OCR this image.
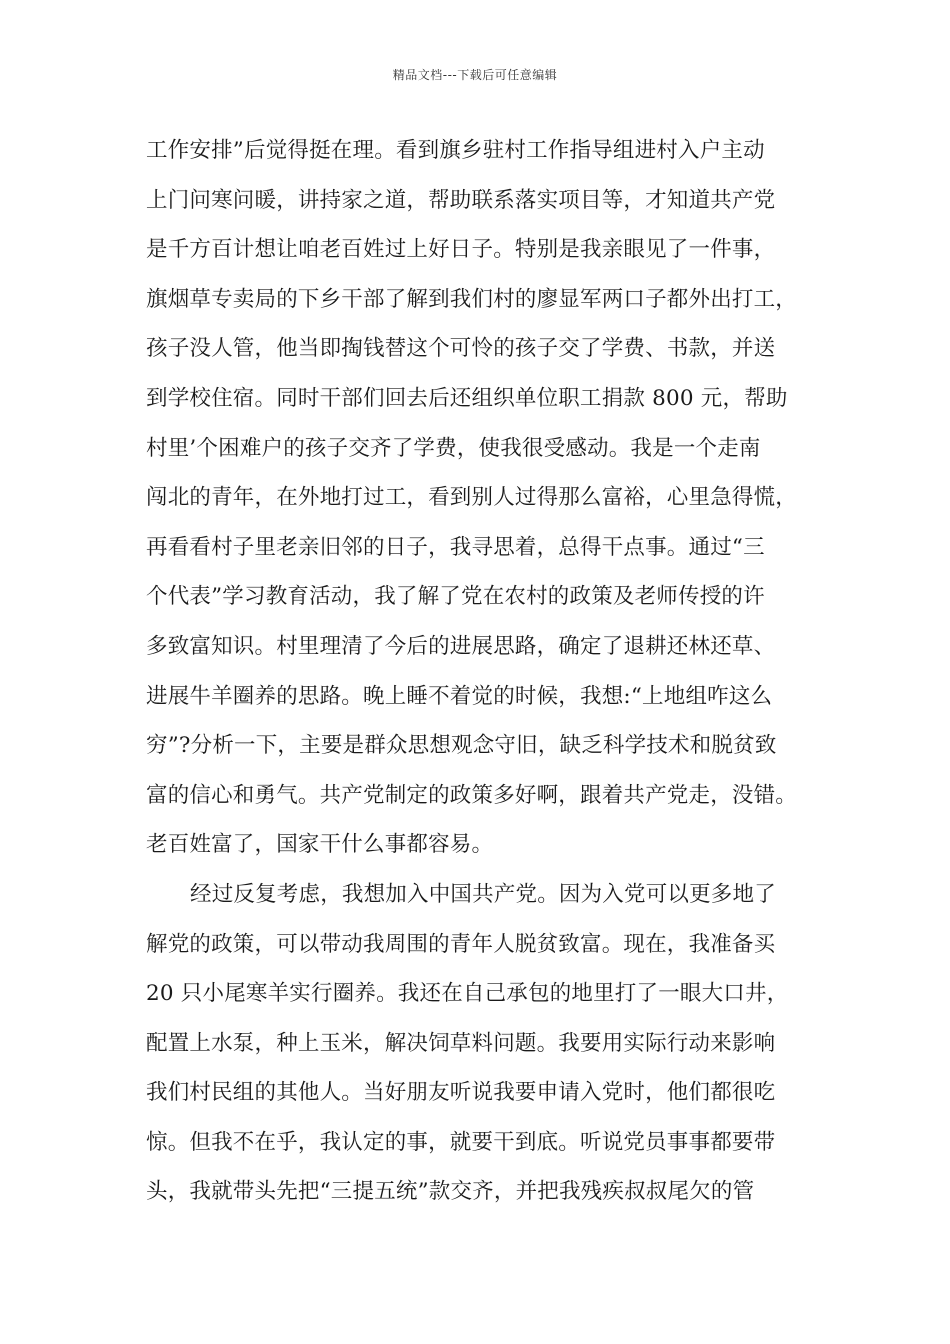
精品文档---下载后可任意编辑
工作安排”后觉得挺在理。看到旗乡驻村工作指导组进村入户主动
上门问寒问暖，讲持家之道，帮助联系落实项目等，才知道共产党
是千方百计想让咱老百姓过上好日子。特别是我亲眼见了一件事，
旗烟草专卖局的下乡干部了解到我们村的廖显军两口子都外出打工，
孩子没人管，他当即掏钱替这个可怜的孩子交了学费、书款，并送
到学校住宿。同时干部们回去后还组织单位职工捐款 800 元，帮助
村里’个困难户的孩子交齐了学费，使我很受感动。我是一个走南
闯北的青年，在外地打过工，看到别人过得那么富裕，心里急得慌，
再看看村子里老亲旧邻的日子，我寻思着，总得干点事。通过“三
个代表”学习教育活动，我了解了党在农村的政策及老师传授的许
多致富知识。村里理清了今后的进展思路，确定了退耕还林还草、
进展牛羊圈养的思路。晚上睡不着觉的时候，我想:“上地组咋这么
穷”?分析一下，主要是群众思想观念守旧，缺乏科学技术和脱贫致
富的信心和勇气。共产党制定的政策多好啊，跟着共产党走，没错。
老百姓富了，国家干什么事都容易。
经过反复考虑，我想加入中国共产党。因为入党可以更多地了
解党的政策，可以带动我周围的青年人脱贫致富。现在，我准备买
20 只小尾寒羊实行圈养。我还在自己承包的地里打了一眼大口井，
配置上水泵，种上玉米，解决饲草料问题。我要用实际行动来影响
我们村民组的其他人。当好朋友听说我要申请入党时，他们都很吃
惊。但我不在乎，我认定的事，就要干到底。听说党员事事都要带
头，我就带头先把“三提五统”款交齐，并把我残疾叔叔尾欠的管
